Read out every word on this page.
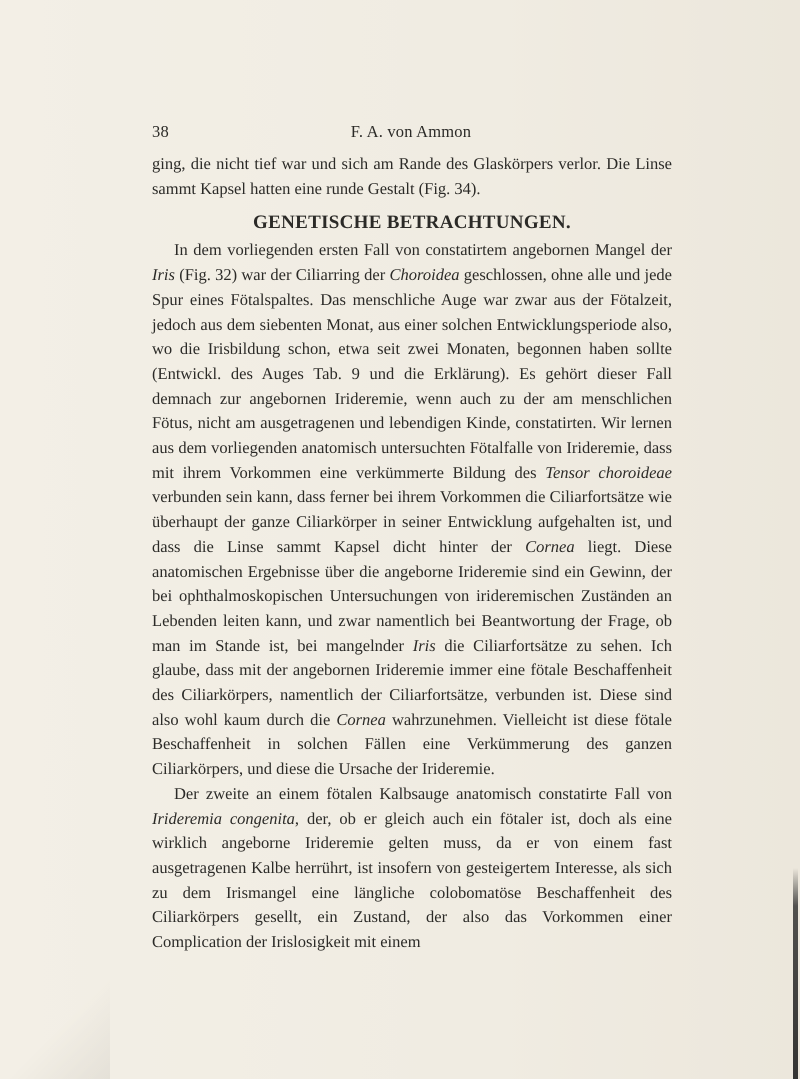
38	F. A. von Ammon

ging, die nicht tief war und sich am Rande des Glaskörpers verlor. Die Linse sammt Kapsel hatten eine runde Gestalt (Fig. 34).

GENETISCHE BETRACHTUNGEN.

In dem vorliegenden ersten Fall von constatirtem angebornen Mangel der Iris (Fig. 32) war der Ciliarring der Choroidea geschlossen, ohne alle und jede Spur eines Fötalspaltes. Das menschliche Auge war zwar aus der Fötalzeit, jedoch aus dem siebenten Monat, aus einer solchen Entwicklungsperiode also, wo die Irisbildung schon, etwa seit zwei Monaten, begonnen haben sollte (Entwickl. des Auges Tab. 9 und die Erklärung). Es gehört dieser Fall demnach zur angebornen Irideremie, wenn auch zu der am menschlichen Fötus, nicht am ausgetragenen und lebendigen Kinde, constatirten. Wir lernen aus dem vorliegenden anatomisch untersuchten Fötalfalle von Irideremie, dass mit ihrem Vorkommen eine verkümmerte Bildung des Tensor choroideae verbunden sein kann, dass ferner bei ihrem Vorkommen die Ciliarfortsätze wie überhaupt der ganze Ciliarkörper in seiner Entwicklung aufgehalten ist, und dass die Linse sammt Kapsel dicht hinter der Cornea liegt. Diese anatomischen Ergebnisse über die angeborne Irideremie sind ein Gewinn, der bei ophthalmoskopischen Untersuchungen von irideremischen Zuständen an Lebenden leiten kann, und zwar namentlich bei Beantwortung der Frage, ob man im Stande ist, bei mangelnder Iris die Ciliarfortsätze zu sehen. Ich glaube, dass mit der angebornen Irideremie immer eine fötale Beschaffenheit des Ciliarkörpers, namentlich der Ciliarfortsätze, verbunden ist. Diese sind also wohl kaum durch die Cornea wahrzunehmen. Vielleicht ist diese fötale Beschaffenheit in solchen Fällen eine Verkümmerung des ganzen Ciliarkörpers, und diese die Ursache der Irideremie.

Der zweite an einem fötalen Kalbsauge anatomisch constatirte Fall von Irideremia congenita, der, ob er gleich auch ein fötaler ist, doch als eine wirklich angeborne Irideremie gelten muss, da er von einem fast ausgetragenen Kalbe herrührt, ist insofern von gesteigertem Interesse, als sich zu dem Irismangel eine längliche colobomatöse Beschaffenheit des Ciliarkörpers gesellt, ein Zustand, der also das Vorkommen einer Complication der Irislosigkeit mit einem
